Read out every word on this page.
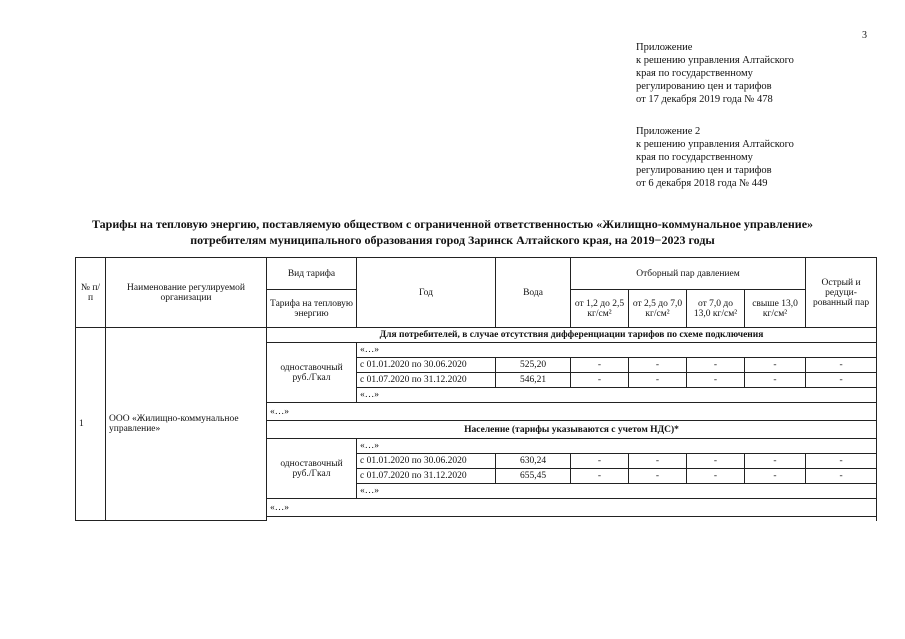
3
Приложение
к решению управления Алтайского
края по государственному
регулированию цен и тарифов
от 17 декабря 2019 года № 478
Приложение 2
к решению управления Алтайского
края по государственному
регулированию цен и тарифов
от 6 декабря 2018 года № 449
Тарифы на тепловую энергию, поставляемую обществом с ограниченной ответственностью «Жилищно-коммунальное управление»
потребителям муниципального образования город Заринск Алтайского края, на 2019−2023 годы
№ п/п	Наименование регулируемой организации	Вид тарифа	Год	Вода	Отборный пар давлением				Острый и редуци-рованный пар
		Тарифа на тепловую энергию			от 1,2 до 2,5 кг/см²	от 2,5 до 7,0 кг/см²	от 7,0 до 13,0 кг/см²	свыше 13,0 кг/см²	
1	ООО «Жилищно-коммунальное управление»	Для потребителей, в случае отсутствия дифференциации тарифов по схеме подключения							
		одноставочный руб./Гкал	«…»						
			с 01.01.2020 по 30.06.2020	525,20	-	-	-	-	-
			с 01.07.2020 по 31.12.2020	546,21	-	-	-	-	-
			«…»						
		«…»							
		Население (тарифы указываются с учетом НДС)*							
		одноставочный руб./Гкал	«…»						
			с 01.01.2020 по 30.06.2020	630,24	-	-	-	-	-
			с 01.07.2020 по 31.12.2020	655,45	-	-	-	-	-
			«…»						
		«…»							
